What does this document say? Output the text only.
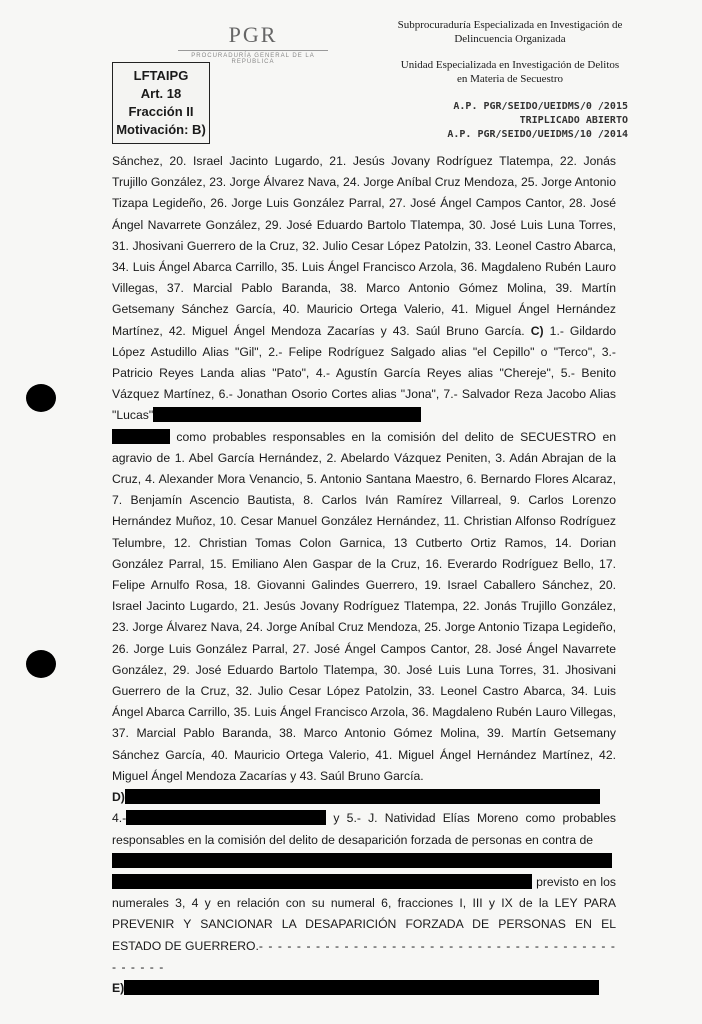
PGR
PROCURADURÍA GENERAL DE LA REPÚBLICA
LFTAIPG
Art. 18
Fracción II
Motivación: B)
Subprocuraduría Especializada en Investigación de
Delincuencia Organizada
Unidad Especializada en Investigación de Delitos
en Materia de Secuestro
A.P. PGR/SEIDO/UEIDMS/0 /2015
TRIPLICADO ABIERTO
A.P. PGR/SEIDO/UEIDMS/10 /2014

Sánchez, 20. Israel Jacinto Lugardo, 21. Jesús Jovany Rodríguez Tlatempa, 22. Jonás Trujillo González, 23. Jorge Álvarez Nava, 24. Jorge Aníbal Cruz Mendoza, 25. Jorge Antonio Tizapa Legideño, 26. Jorge Luis González Parral, 27. José Ángel Campos Cantor, 28. José Ángel Navarrete González, 29. José Eduardo Bartolo Tlatempa, 30. José Luis Luna Torres, 31. Jhosivani Guerrero de la Cruz, 32. Julio Cesar López Patolzin, 33. Leonel Castro Abarca, 34. Luis Ángel Abarca Carrillo, 35. Luis Ángel Francisco Arzola, 36. Magdaleno Rubén Lauro Villegas, 37. Marcial Pablo Baranda, 38. Marco Antonio Gómez Molina, 39. Martín Getsemany Sánchez García, 40. Mauricio Ortega Valerio, 41. Miguel Ángel Hernández Martínez, 42. Miguel Ángel Mendoza Zacarías y 43. Saúl Bruno García. C) 1.- Gildardo López Astudillo Alias "Gil", 2.- Felipe Rodríguez Salgado alias "el Cepillo" o "Terco", 3.- Patricio Reyes Landa alias "Pato", 4.- Agustín García Reyes alias "Chereje", 5.- Benito Vázquez Martínez, 6.- Jonathan Osorio Cortes alias "Jona", 7.- Salvador Reza Jacobo Alias "Lucas"
como probables responsables en la comisión del delito de SECUESTRO en agravio de 1. Abel García Hernández, 2. Abelardo Vázquez Peniten, 3. Adán Abrajan de la Cruz, 4. Alexander Mora Venancio, 5. Antonio Santana Maestro, 6. Bernardo Flores Alcaraz, 7. Benjamín Ascencio Bautista, 8. Carlos Iván Ramírez Villarreal, 9. Carlos Lorenzo Hernández Muñoz, 10. Cesar Manuel González Hernández, 11. Christian Alfonso Rodríguez Telumbre, 12. Christian Tomas Colon Garnica, 13 Cutberto Ortiz Ramos, 14. Dorian González Parral, 15. Emiliano Alen Gaspar de la Cruz, 16. Everardo Rodríguez Bello, 17. Felipe Arnulfo Rosa, 18. Giovanni Galindes Guerrero, 19. Israel Caballero Sánchez, 20. Israel Jacinto Lugardo, 21. Jesús Jovany Rodríguez Tlatempa, 22. Jonás Trujillo González, 23. Jorge Álvarez Nava, 24. Jorge Aníbal Cruz Mendoza, 25. Jorge Antonio Tizapa Legideño, 26. Jorge Luis González Parral, 27. José Ángel Campos Cantor, 28. José Ángel Navarrete González, 29. José Eduardo Bartolo Tlatempa, 30. José Luis Luna Torres, 31. Jhosivani Guerrero de la Cruz, 32. Julio Cesar López Patolzin, 33. Leonel Castro Abarca, 34. Luis Ángel Abarca Carrillo, 35. Luis Ángel Francisco Arzola, 36. Magdaleno Rubén Lauro Villegas, 37. Marcial Pablo Baranda, 38. Marco Antonio Gómez Molina, 39. Martín Getsemany Sánchez García, 40. Mauricio Ortega Valerio, 41. Miguel Ángel Hernández Martínez, 42. Miguel Ángel Mendoza Zacarías y 43. Saúl Bruno García.

D)
4.-	y 5.- J. Natividad Elías Moreno como probables responsables en la comisión del delito de desaparición forzada de personas en contra de

previsto en los numerales 3, 4 y en relación con su numeral 6, fracciones I, III y IX de la LEY PARA PREVENIR Y SANCIONAR LA DESAPARICIÓN FORZADA DE PERSONAS EN EL ESTADO DE GUERRERO.- - - - - - - - - - - - - - - - - - - - - - - - - - - - - - - - - - - - - - - - - - - -
E)
